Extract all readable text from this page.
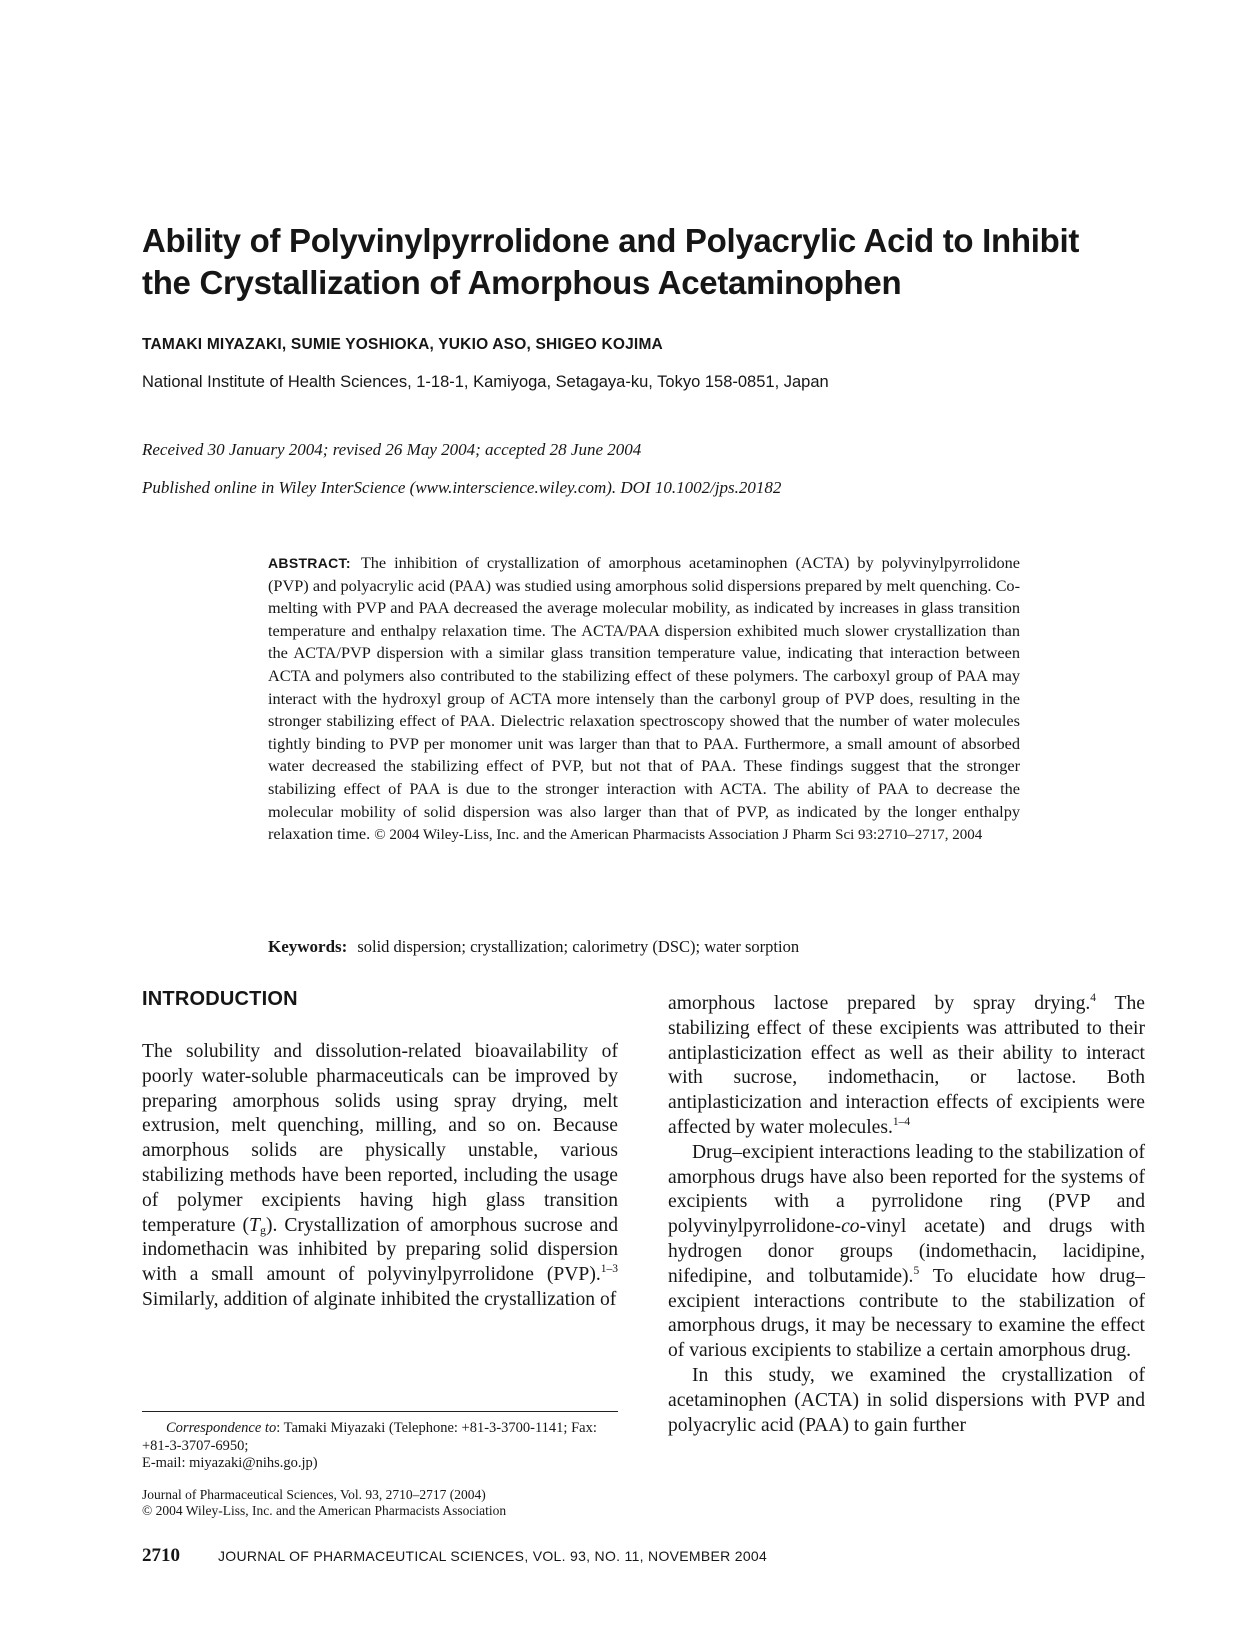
Ability of Polyvinylpyrrolidone and Polyacrylic Acid to Inhibit
the Crystallization of Amorphous Acetaminophen
TAMAKI MIYAZAKI, SUMIE YOSHIOKA, YUKIO ASO, SHIGEO KOJIMA
National Institute of Health Sciences, 1-18-1, Kamiyoga, Setagaya-ku, Tokyo 158-0851, Japan
Received 30 January 2004; revised 26 May 2004; accepted 28 June 2004
Published online in Wiley InterScience (www.interscience.wiley.com). DOI 10.1002/jps.20182
ABSTRACT: The inhibition of crystallization of amorphous acetaminophen (ACTA) by polyvinylpyrrolidone (PVP) and polyacrylic acid (PAA) was studied using amorphous solid dispersions prepared by melt quenching. Co-melting with PVP and PAA decreased the average molecular mobility, as indicated by increases in glass transition temperature and enthalpy relaxation time. The ACTA/PAA dispersion exhibited much slower crystallization than the ACTA/PVP dispersion with a similar glass transition temperature value, indicating that interaction between ACTA and polymers also contributed to the stabilizing effect of these polymers. The carboxyl group of PAA may interact with the hydroxyl group of ACTA more intensely than the carbonyl group of PVP does, resulting in the stronger stabilizing effect of PAA. Dielectric relaxation spectroscopy showed that the number of water molecules tightly binding to PVP per monomer unit was larger than that to PAA. Furthermore, a small amount of absorbed water decreased the stabilizing effect of PVP, but not that of PAA. These findings suggest that the stronger stabilizing effect of PAA is due to the stronger interaction with ACTA. The ability of PAA to decrease the molecular mobility of solid dispersion was also larger than that of PVP, as indicated by the longer enthalpy relaxation time. © 2004 Wiley-Liss, Inc. and the American Pharmacists Association J Pharm Sci 93:2710–2717, 2004
Keywords: solid dispersion; crystallization; calorimetry (DSC); water sorption
INTRODUCTION

The solubility and dissolution-related bioavailability of poorly water-soluble pharmaceuticals can be improved by preparing amorphous solids using spray drying, melt extrusion, melt quenching, milling, and so on. Because amorphous solids are physically unstable, various stabilizing methods have been reported, including the usage of polymer excipients having high glass transition temperature $(T_g)$. Crystallization of amorphous sucrose and indomethacin was inhibited by preparing solid dispersion with a small amount of polyvinylpyrrolidone (PVP).$^{1-3}$ Similarly, addition of alginate inhibited the crystallization of

amorphous lactose prepared by spray drying.$^4$ The stabilizing effect of these excipients was attributed to their antiplasticization effect as well as their ability to interact with sucrose, indomethacin, or lactose. Both antiplasticization and interaction effects of excipients were affected by water molecules.$^{1-4}$

Drug–excipient interactions leading to the stabilization of amorphous drugs have also been reported for the systems of excipients with a pyrrolidone ring (PVP and polyvinylpyrrolidone-co-vinyl acetate) and drugs with hydrogen donor groups (indomethacin, lacidipine, nifedipine, and tolbutamide).$^5$ To elucidate how drug–excipient interactions contribute to the stabilization of amorphous drugs, it may be necessary to examine the effect of various excipients to stabilize a certain amorphous drug.

In this study, we examined the crystallization of acetaminophen (ACTA) in solid dispersions with PVP and polyacrylic acid (PAA) to gain further

Correspondence to: Tamaki Miyazaki (Telephone: +81-3-3700-1141; Fax: +81-3-3707-6950;

E-mail: miyazaki@nihs.go.jp)

Journal of Pharmaceutical Sciences, Vol. 93, 2710–2717 (2004)

© 2004 Wiley-Liss, Inc. and the American Pharmacists Association

2710	JOURNAL OF PHARMACEUTICAL SCIENCES, VOL. 93, NO. 11, NOVEMBER 2004
